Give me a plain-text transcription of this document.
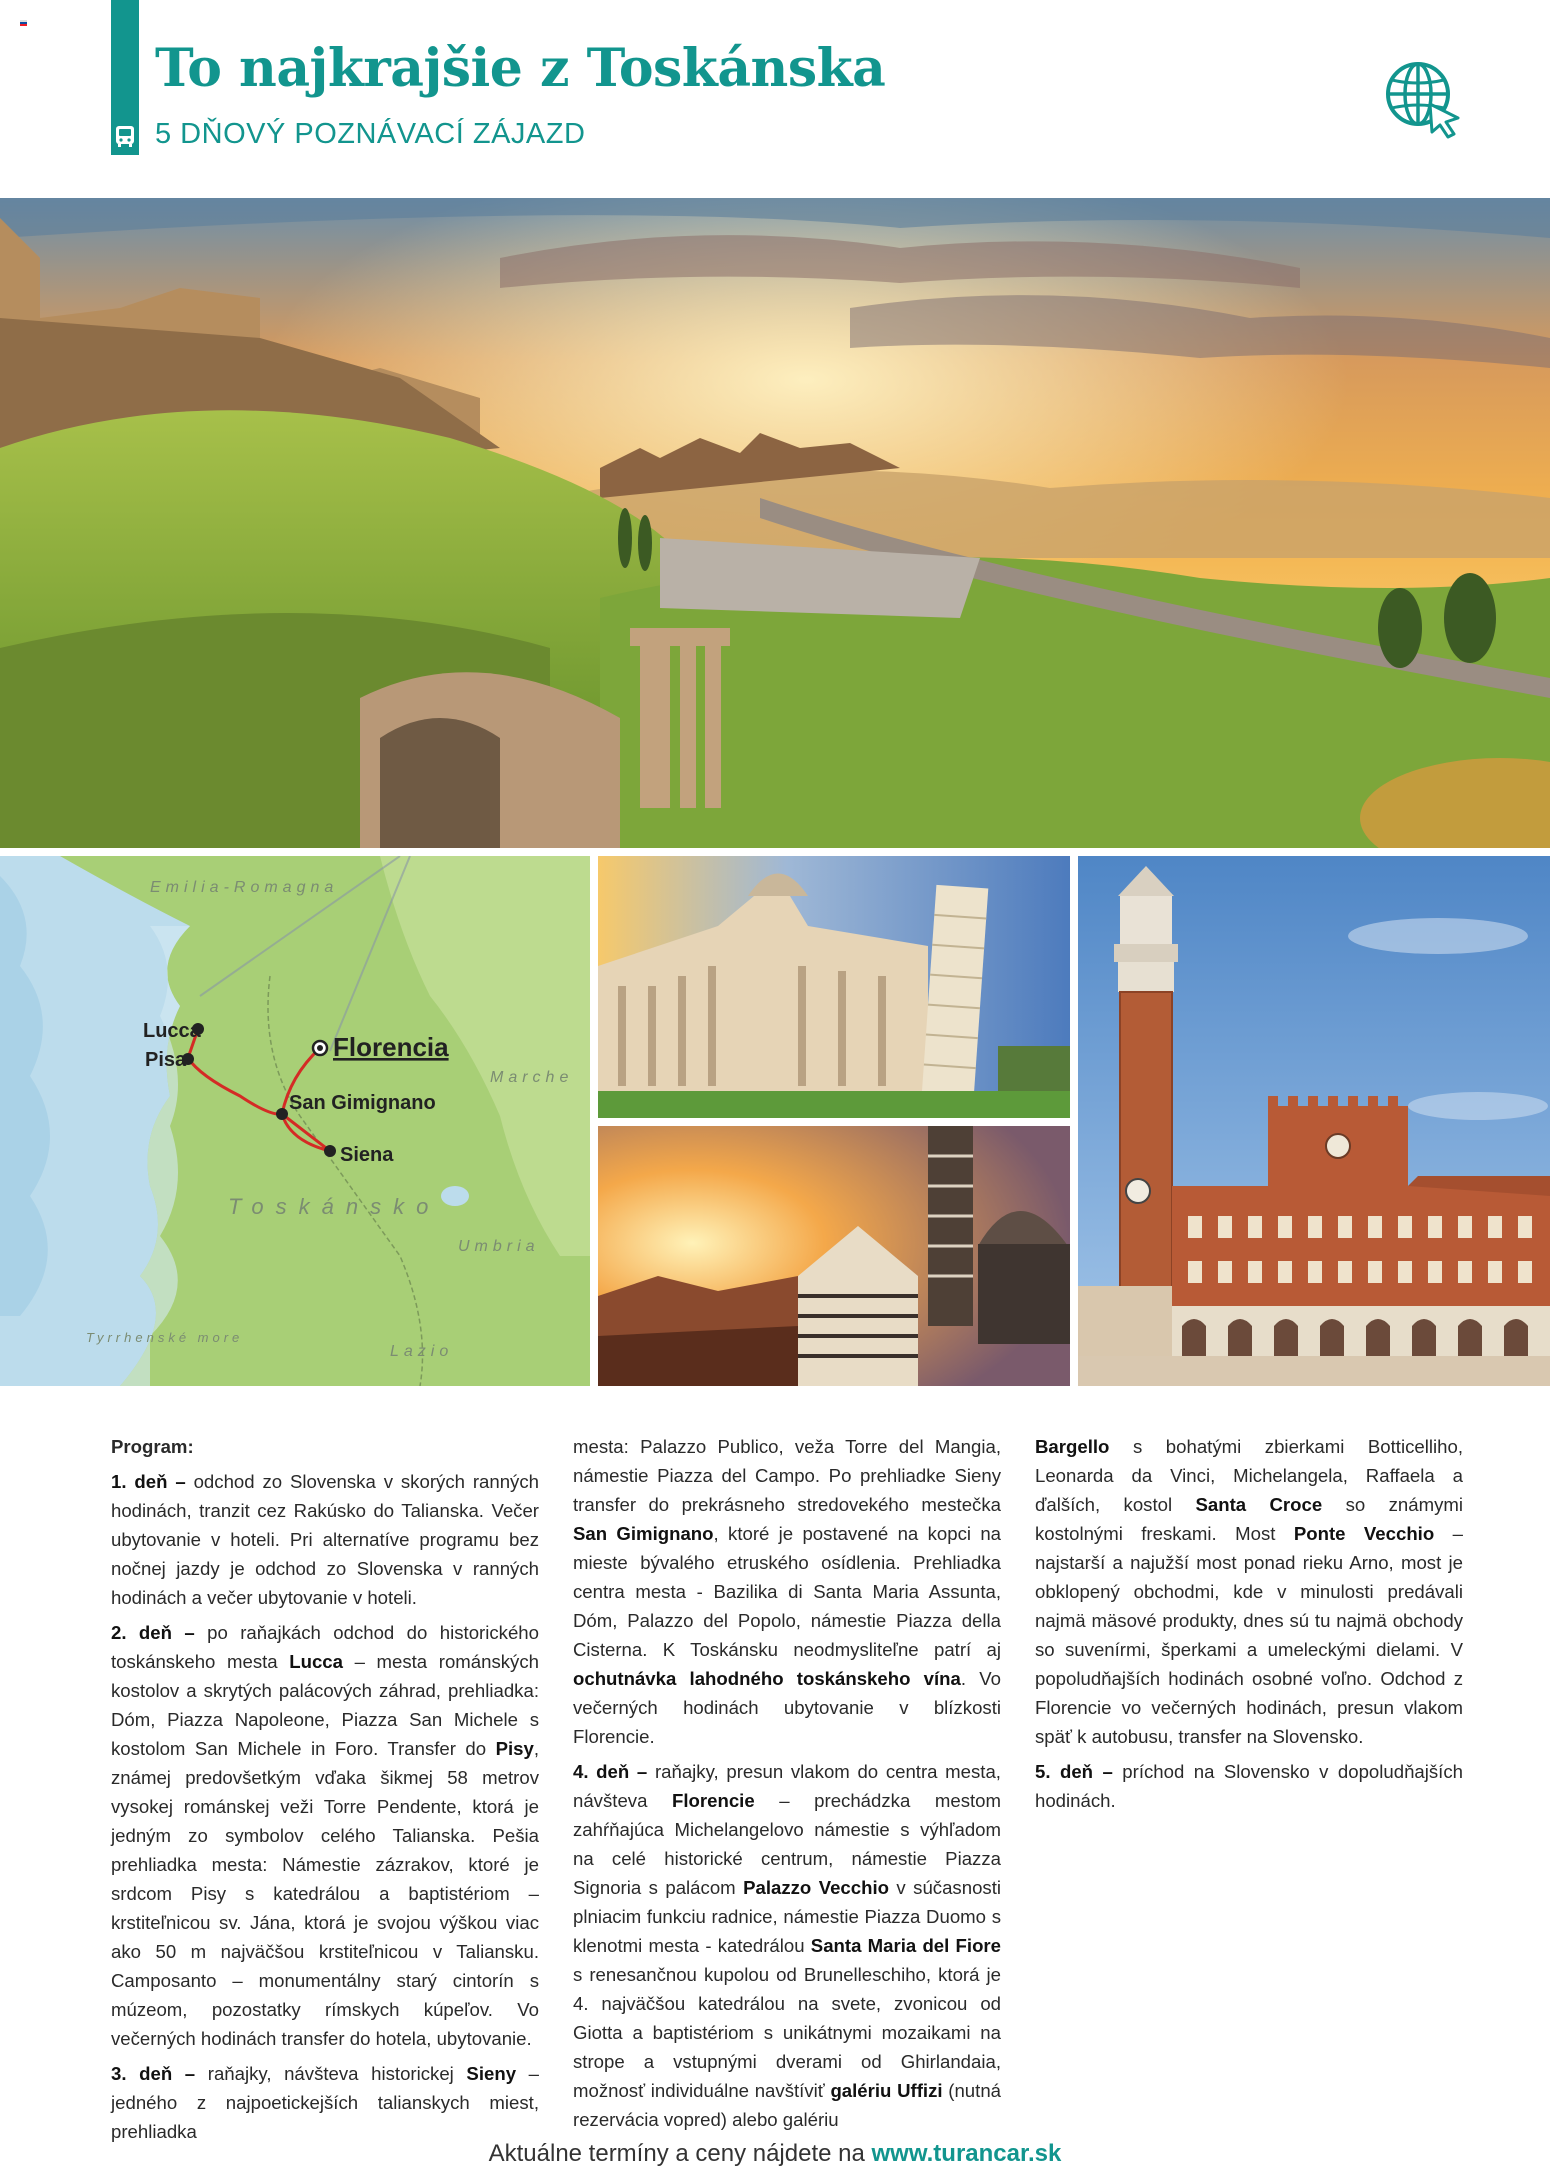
To najkrajšie z Toskánska
5 DŇOVÝ POZNÁVACÍ ZÁJAZD
Emilia-Romagna
Marche
Toskánsko
Umbria
Lazio
Tyrrhenské more
Lucca
Pisa	Florencia
San Gimignano
Siena
Program:

1. deň – odchod zo Slovenska v skorých ranných hodinách, tranzit cez Rakúsko do Talianska. Večer ubytovanie v hoteli. Pri alternatíve programu bez nočnej jazdy je odchod zo Slovenska v ranných hodinách a večer ubytovanie v hoteli.

2. deň – po raňajkách odchod do historického toskánskeho mesta Lucca – mesta románských kostolov a skrytých palácových záhrad, prehliadka: Dóm, Piazza Napoleone, Piazza San Michele s kostolom San Michele in Foro. Transfer do Pisy, známej predovšetkým vďaka šikmej 58 metrov vysokej románskej veži Torre Pendente, ktorá je jedným zo symbolov celého Talianska. Pešia prehliadka mesta: Námestie zázrakov, ktoré je srdcom Pisy s katedrálou a baptistériom – krstiteľnicou sv. Jána, ktorá je svojou výškou viac ako 50 m najväčšou krstiteľnicou v Taliansku. Camposanto – monumentálny starý cintorín s múzeom, pozostatky rímskych kúpeľov. Vo večerných hodinách transfer do hotela, ubytovanie.

3. deň – raňajky, návšteva historickej Sieny – jedného z najpoetickejších talianskych miest, prehliadka

mesta: Palazzo Publico, veža Torre del Mangia, námestie Piazza del Campo. Po prehliadke Sieny transfer do prekrásneho stredovekého mestečka San Gimignano, ktoré je postavené na kopci na mieste bývalého etruského osídlenia. Prehliadka centra mesta - Bazilika di Santa Maria Assunta, Dóm, Palazzo del Popolo, námestie Piazza della Cisterna. K Toskánsku neodmysliteľne patrí aj ochutnávka lahodného toskánskeho vína. Vo večerných hodinách ubytovanie v blízkosti Florencie.

4. deň – raňajky, presun vlakom do centra mesta, návšteva Florencie – prechádzka mestom zahŕňajúca Michelangelovo námestie s výhľadom na celé historické centrum, námestie Piazza Signoria s palácom Palazzo Vecchio v súčasnosti plniacim funkciu radnice, námestie Piazza Duomo s klenotmi mesta - katedrálou Santa Maria del Fiore s renesančnou kupolou od Brunelleschiho, ktorá je 4. najväčšou katedrálou na svete, zvonicou od Giotta a baptistériom s unikátnymi mozaikami na strope a vstupnými dverami od Ghirlandaia, možnosť individuálne navštíviť galériu Uffizi (nutná rezervácia vopred) alebo galériu

Bargello s bohatými zbierkami Botticelliho, Leonarda da Vinci, Michelangela, Raffaela a ďalších, kostol Santa Croce so známymi kostolnými freskami. Most Ponte Vecchio – najstarší a najužší most ponad rieku Arno, most je obklopený obchodmi, kde v minulosti predávali najmä mäsové produkty, dnes sú tu najmä obchody so suvenírmi, šperkami a umeleckými dielami. V popoludňajších hodinách osobné voľno. Odchod z Florencie vo večerných hodinách, presun vlakom späť k autobusu, transfer na Slovensko.

5. deň – príchod na Slovensko v dopoludňajších hodinách.

Aktuálne termíny a ceny nájdete na www.turancar.sk
